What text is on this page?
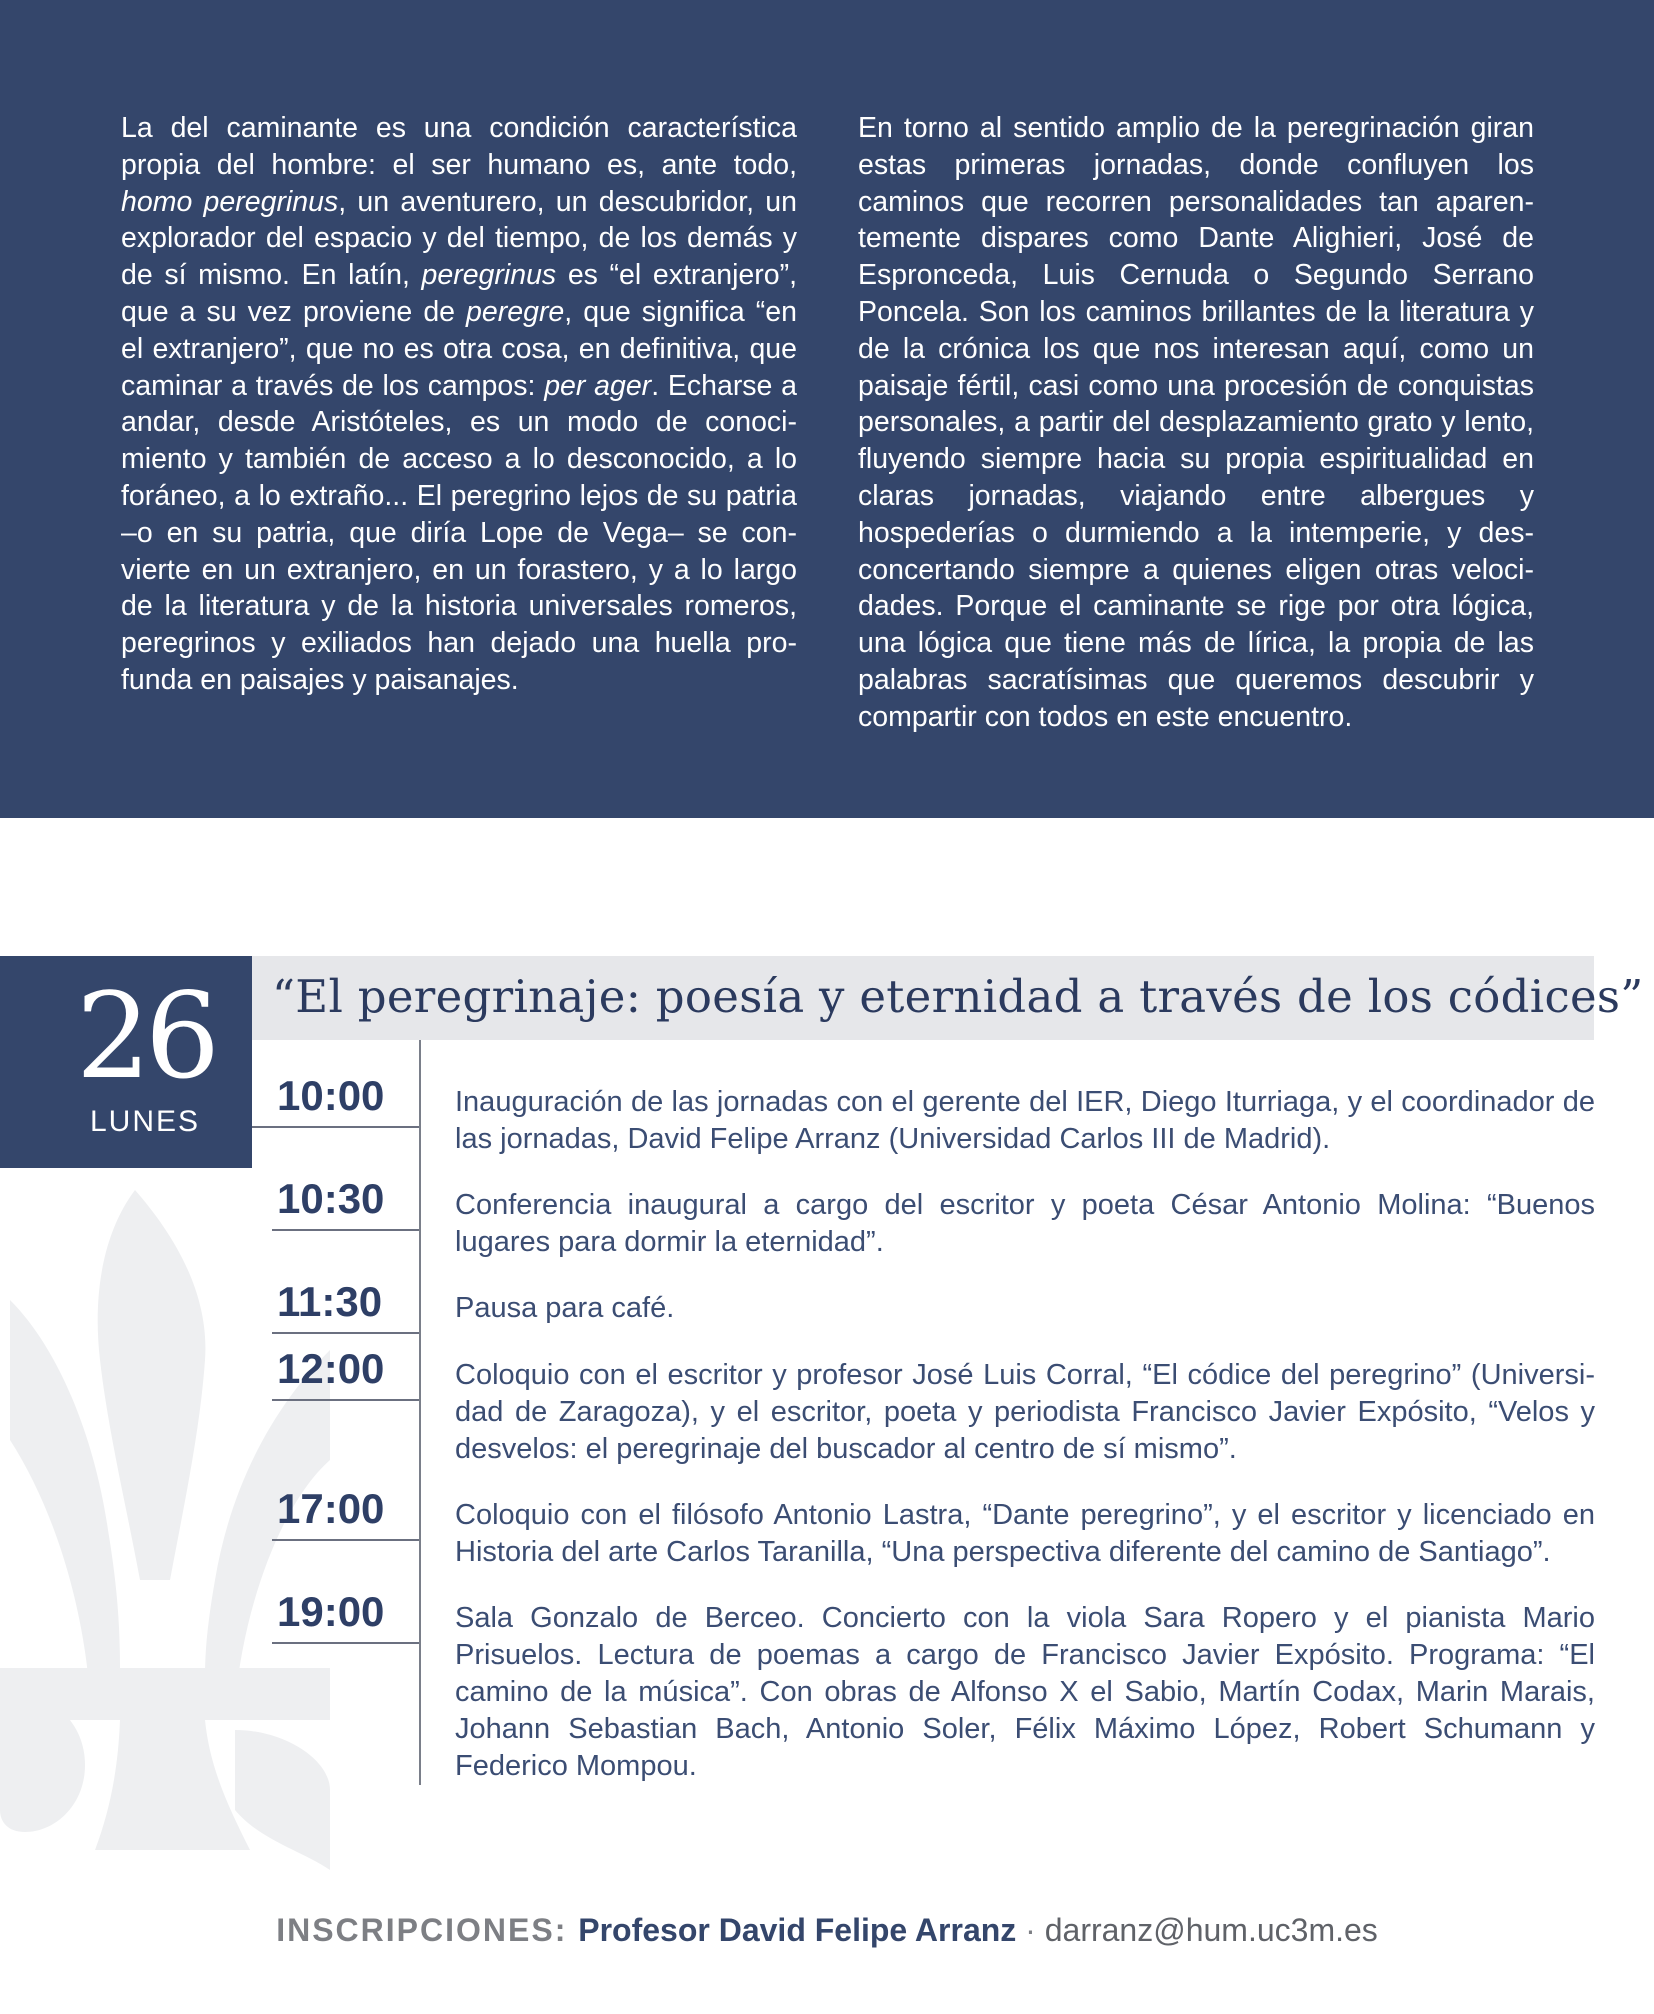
La del caminante es una condición característica propia del hombre: el ser humano es, ante todo, homo peregrinus, un aventurero, un descubridor, un explorador del espacio y del tiempo, de los demás y de sí mismo. En latín, peregrinus es “el extranjero”, que a su vez proviene de peregre, que significa “en el extranjero”, que no es otra cosa, en definitiva, que caminar a través de los campos: per ager. Echarse a andar, desde Aristóteles, es un modo de conocimiento y también de acceso a lo desconocido, a lo foráneo, a lo extraño... El peregrino lejos de su patria –o en su patria, que diría Lope de Vega– se convierte en un extranjero, en un forastero, y a lo largo de la literatura y de la historia universales romeros, peregrinos y exiliados han dejado una huella profunda en paisajes y paisanajes.

En torno al sentido amplio de la peregrinación giran estas primeras jornadas, donde confluyen los caminos que recorren personalidades tan aparentemente dispares como Dante Alighieri, José de Espronceda, Luis Cernuda o Segundo Serrano Poncela. Son los caminos brillantes de la literatura y de la crónica los que nos interesan aquí, como un paisaje fértil, casi como una procesión de conquistas personales, a partir del desplazamiento grato y lento, fluyendo siempre hacia su propia espiritualidad en claras jornadas, viajando entre albergues y hospederías o durmiendo a la intemperie, y desconcertando siempre a quienes eligen otras velocidades. Porque el caminante se rige por otra lógica, una lógica que tiene más de lírica, la propia de las palabras sacratísimas que queremos descubrir y compartir con todos en este encuentro.

26
LUNES
“El peregrinaje: poesía y eternidad a través de los códices”
10:00 Inauguración de las jornadas con el gerente del IER, Diego Iturriaga, y el coordinador de las jornadas, David Felipe Arranz (Universidad Carlos III de Madrid).

10:30 Conferencia inaugural a cargo del escritor y poeta César Antonio Molina: “Buenos lugares para dormir la eternidad”.

11:30	Pausa para café.

12:00 Coloquio con el escritor y profesor José Luis Corral, “El códice del peregrino” (Universidad de Zaragoza), y el escritor, poeta y periodista Francisco Javier Expósito, “Velos y desvelos: el peregrinaje del buscador al centro de sí mismo”.

17:00 Coloquio con el filósofo Antonio Lastra, “Dante peregrino”, y el escritor y licenciado en Historia del arte Carlos Taranilla, “Una perspectiva diferente del camino de Santiago”.

19:00 Sala Gonzalo de Berceo. Concierto con la viola Sara Ropero y el pianista Mario Prisuelos. Lectura de poemas a cargo de Francisco Javier Expósito. Programa: “El camino de la música”. Con obras de Alfonso X el Sabio, Martín Codax, Marin Marais, Johann Sebastian Bach, Antonio Soler, Félix Máximo López, Robert Schumann y Federico Mompou.

INSCRIPCIONES: Profesor David Felipe Arranz · darranz@hum.uc3m.es
